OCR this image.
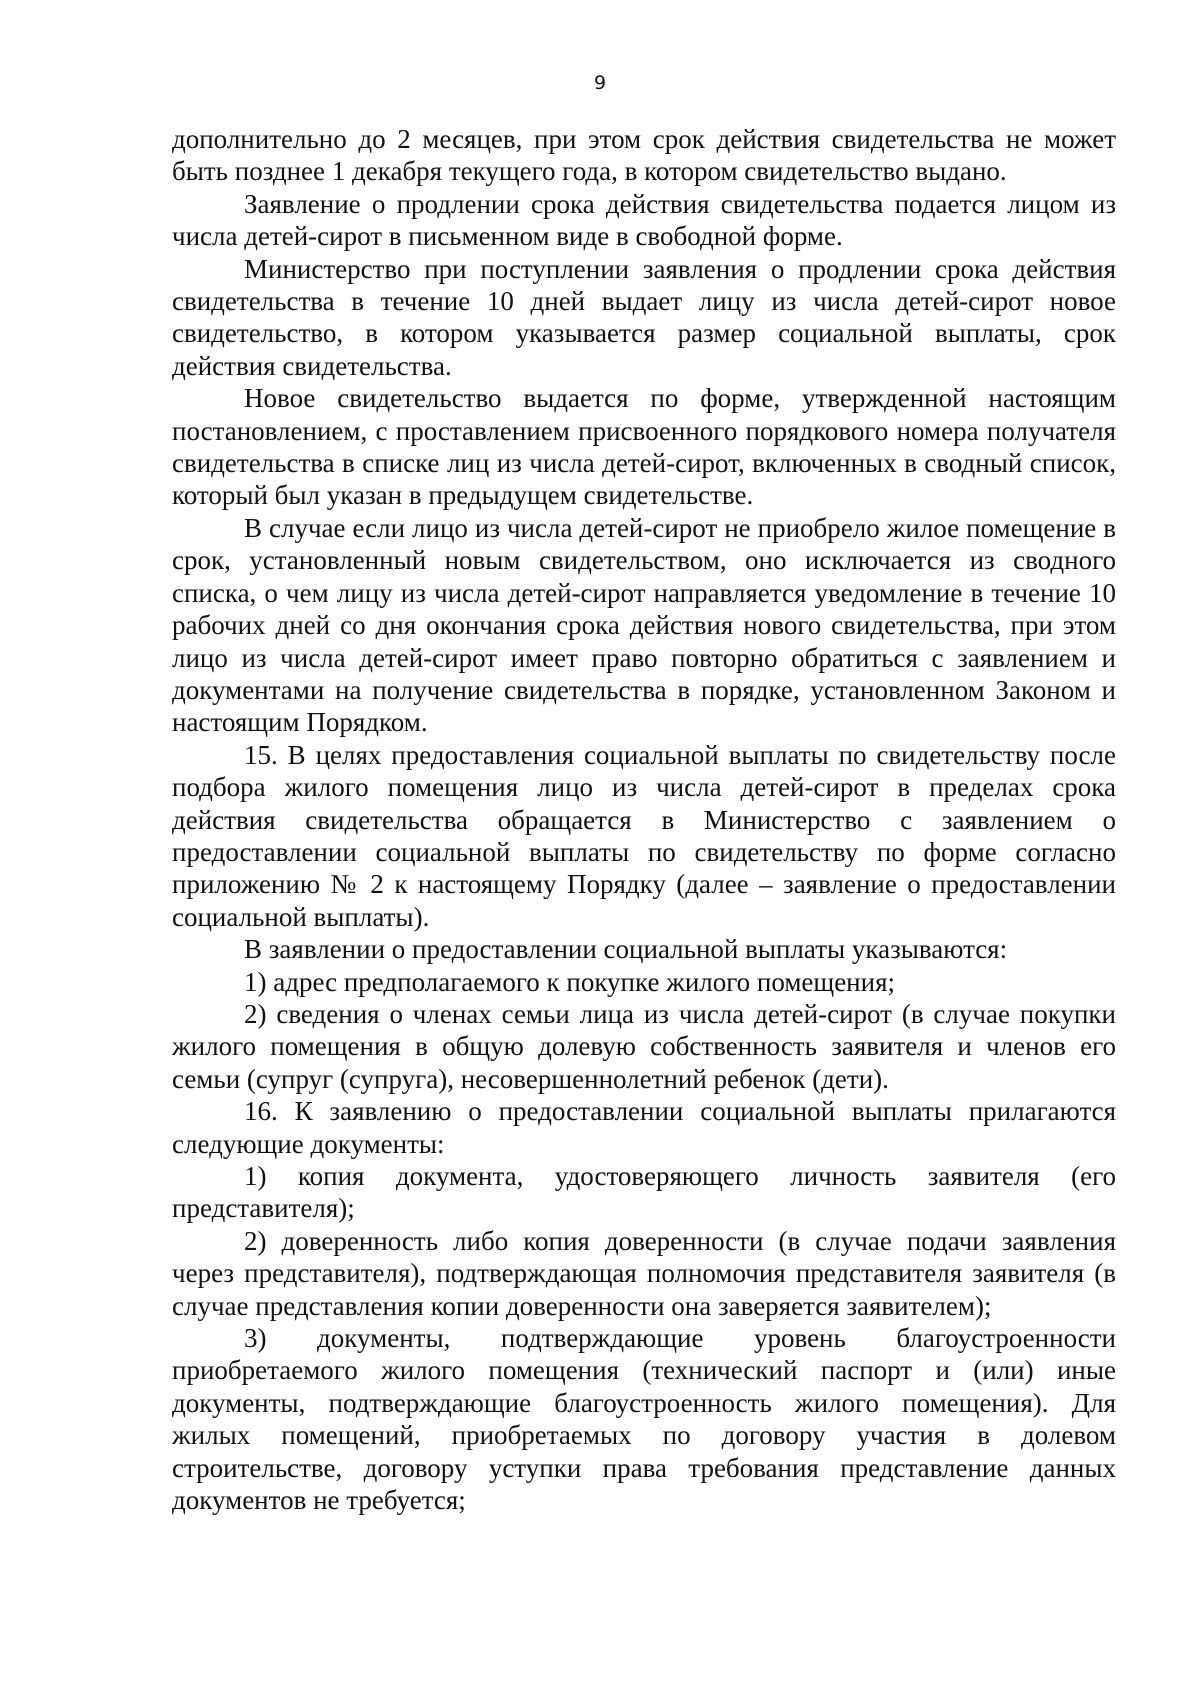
9

дополнительно до 2 месяцев, при этом срок действия свидетельства не может быть позднее 1 декабря текущего года, в котором свидетельство выдано.

Заявление о продлении срока действия свидетельства подается лицом из числа детей-сирот в письменном виде в свободной форме.

Министерство при поступлении заявления о продлении срока действия свидетельства в течение 10 дней выдает лицу из числа детей-сирот новое свидетельство, в котором указывается размер социальной выплаты, срок действия свидетельства.

Новое свидетельство выдается по форме, утвержденной настоящим постановлением, с проставлением присвоенного порядкового номера получателя свидетельства в списке лиц из числа детей-сирот, включенных в сводный список, который был указан в предыдущем свидетельстве.

В случае если лицо из числа детей-сирот не приобрело жилое помещение в срок, установленный новым свидетельством, оно исключается из сводного списка, о чем лицу из числа детей-сирот направляется уведомление в течение 10 рабочих дней со дня окончания срока действия нового свидетельства, при этом лицо из числа детей-сирот имеет право повторно обратиться с заявлением и документами на получение свидетельства в порядке, установленном Законом и настоящим Порядком.

15. В целях предоставления социальной выплаты по свидетельству после подбора жилого помещения лицо из числа детей-сирот в пределах срока действия свидетельства обращается в Министерство с заявлением о предоставлении социальной выплаты по свидетельству по форме согласно приложению № 2 к настоящему Порядку (далее – заявление о предоставлении социальной выплаты).

В заявлении о предоставлении социальной выплаты указываются:

1) адрес предполагаемого к покупке жилого помещения;

2) сведения о членах семьи лица из числа детей-сирот (в случае покупки жилого помещения в общую долевую собственность заявителя и членов его семьи (супруг (супруга), несовершеннолетний ребенок (дети).

16. К заявлению о предоставлении социальной выплаты прилагаются следующие документы:

1) копия документа, удостоверяющего личность заявителя (его представителя);

2) доверенность либо копия доверенности (в случае подачи заявления через представителя), подтверждающая полномочия представителя заявителя (в случае представления копии доверенности она заверяется заявителем);

3) документы, подтверждающие уровень благоустроенности приобретаемого жилого помещения (технический паспорт и (или) иные документы, подтверждающие благоустроенность жилого помещения). Для жилых помещений, приобретаемых по договору участия в долевом строительстве, договору уступки права требования представление данных документов не требуется;
